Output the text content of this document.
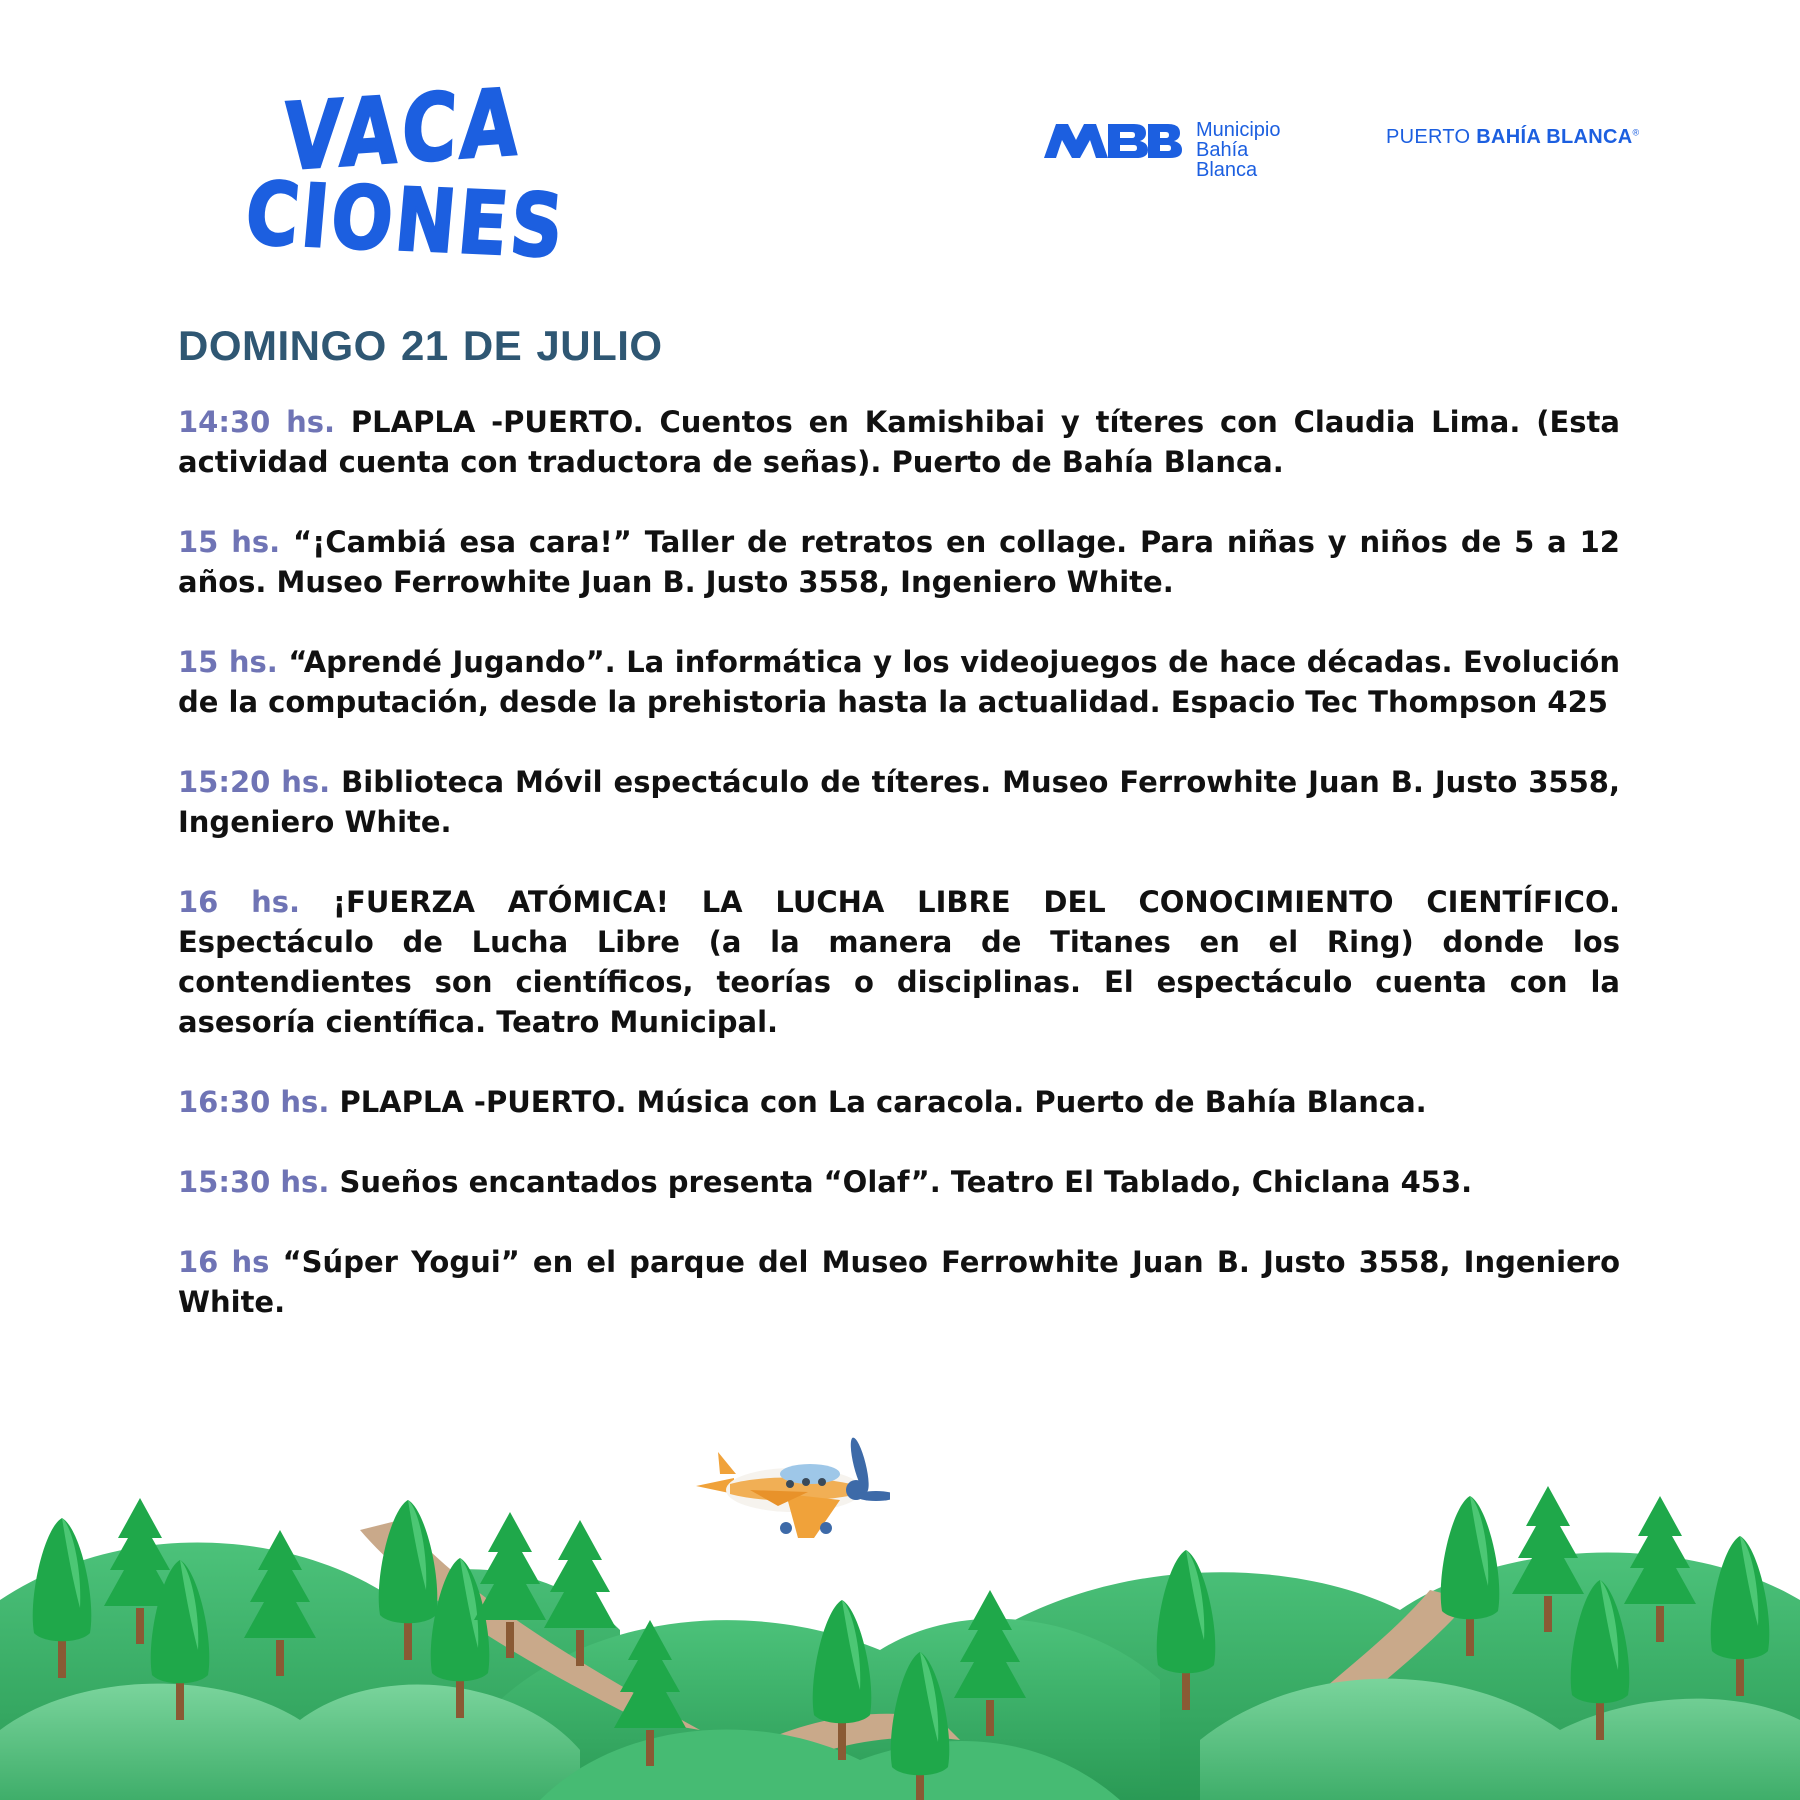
VACA
CIONES
Municipio
Bahía
Blanca
PUERTO BAHÍA BLANCA®
DOMINGO 21 DE JULIO

14:30 hs. PLAPLA -PUERTO. Cuentos en Kamishibai y títeres con Claudia Lima. (Esta actividad cuenta con traductora de señas). Puerto de Bahía Blanca.

15 hs. “¡Cambiá esa cara!” Taller de retratos en collage. Para niñas y niños de 5 a 12 años. Museo Ferrowhite Juan B. Justo 3558, Ingeniero White.

15 hs. “Aprendé Jugando”. La informática y los videojuegos de hace décadas. Evolución de la computación, desde la prehistoria hasta la actualidad. Espacio Tec Thompson 425

15:20 hs. Biblioteca Móvil espectáculo de títeres. Museo Ferrowhite Juan B. Justo 3558, Ingeniero White.

16 hs. ¡FUERZA ATÓMICA! LA LUCHA LIBRE DEL CONOCIMIENTO CIENTÍFICO. Espectáculo de Lucha Libre (a la manera de Titanes en el Ring) donde los contendientes son científicos, teorías o disciplinas. El espectáculo cuenta con la asesoría científica. Teatro Municipal.

16:30 hs. PLAPLA -PUERTO. Música con La caracola. Puerto de Bahía Blanca.

15:30 hs. Sueños encantados presenta “Olaf”. Teatro El Tablado, Chiclana 453.

16 hs “Súper Yogui” en el parque del Museo Ferrowhite Juan B. Justo 3558, Ingeniero White.
